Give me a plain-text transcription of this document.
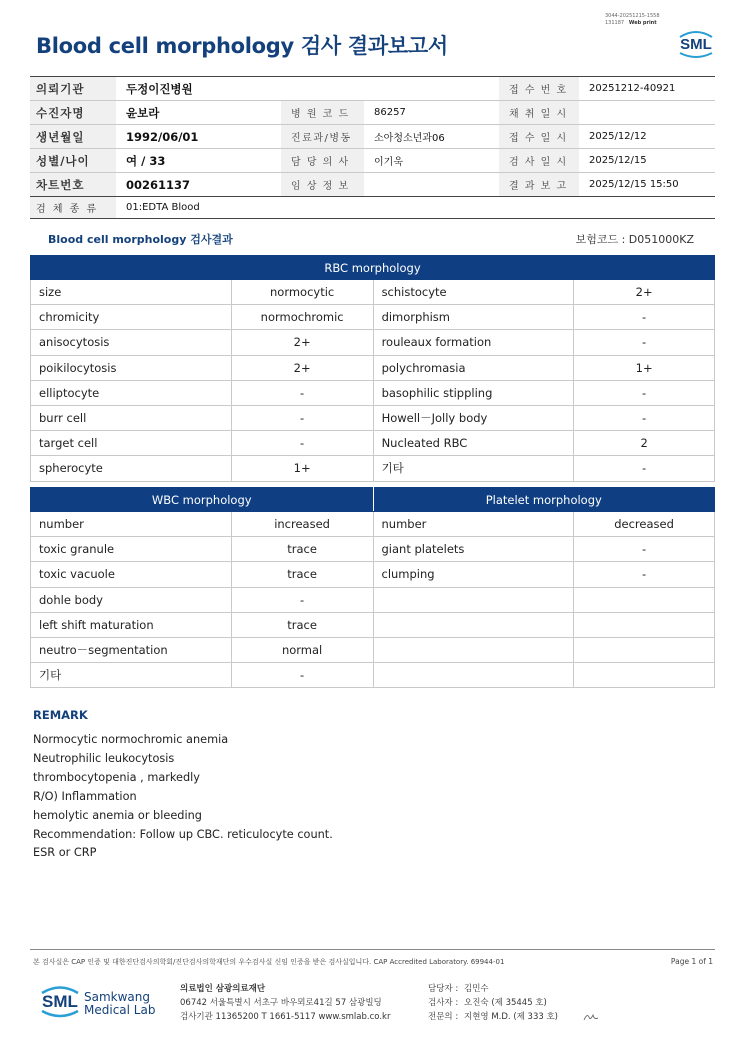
3044-20251215-1558
131187 Web print
Blood cell morphology 검사 결과보고서	SML
의뢰기관	두정이진병원			접 수 번 호	20251212-40921
수진자명	윤보라	병 원 코 드	86257	채 취 일 시	
생년월일	1992/06/01	진료과/병동	소아청소년과06	접 수 일 시	2025/12/12
성별/나이	여 / 33	담 당 의 사	이기욱	검 사 일 시	2025/12/15
차트번호	00261137	임 상 정 보		결 과 보 고	2025/12/15 15:50
검 체 종 류	01:EDTA Blood				
Blood cell morphology 검사결과	보험코드 : D051000KZ
RBC morphology			
size	normocytic	schistocyte	2+
chromicity	normochromic	dimorphism	-
anisocytosis	2+	rouleaux formation	-
poikilocytosis	2+	polychromasia	1+
elliptocyte	-	basophilic stippling	-
burr cell	-	Howell－Jolly body	-
target cell	-	Nucleated RBC	2
spherocyte	1+	기타	-
WBC morphology		Platelet morphology	
number	increased	number	decreased
toxic granule	trace	giant platelets	-
toxic vacuole	trace	clumping	-
dohle body	-		
left shift maturation	trace		
neutro－segmentation	normal		
기타	-		
REMARK
Normocytic normochromic anemia
Neutrophilic leukocytosis
thrombocytopenia , markedly
R/O) Inflammation
hemolytic anemia or bleeding
Recommendation: Follow up CBC. reticulocyte count.
ESR or CRP
본 검사실은 CAP 인증 및 대한진단검사의학회/진단검사의학재단의 우수검사실 신임 인증을 받은 검사실입니다. CAP Accredited Laboratory. 69944-01	Page 1 of 1
SML Samkwang
Medical Lab
의료법인 삼광의료재단
06742 서울특별시 서초구 바우뫼로41길 57 삼광빌딩
검사기관 11365200 T 1661-5117 www.smlab.co.kr
담당자 : 김민수
검사자 : 오진숙 (제 35445 호)
전문의 : 지현영 M.D. (제 333 호)
